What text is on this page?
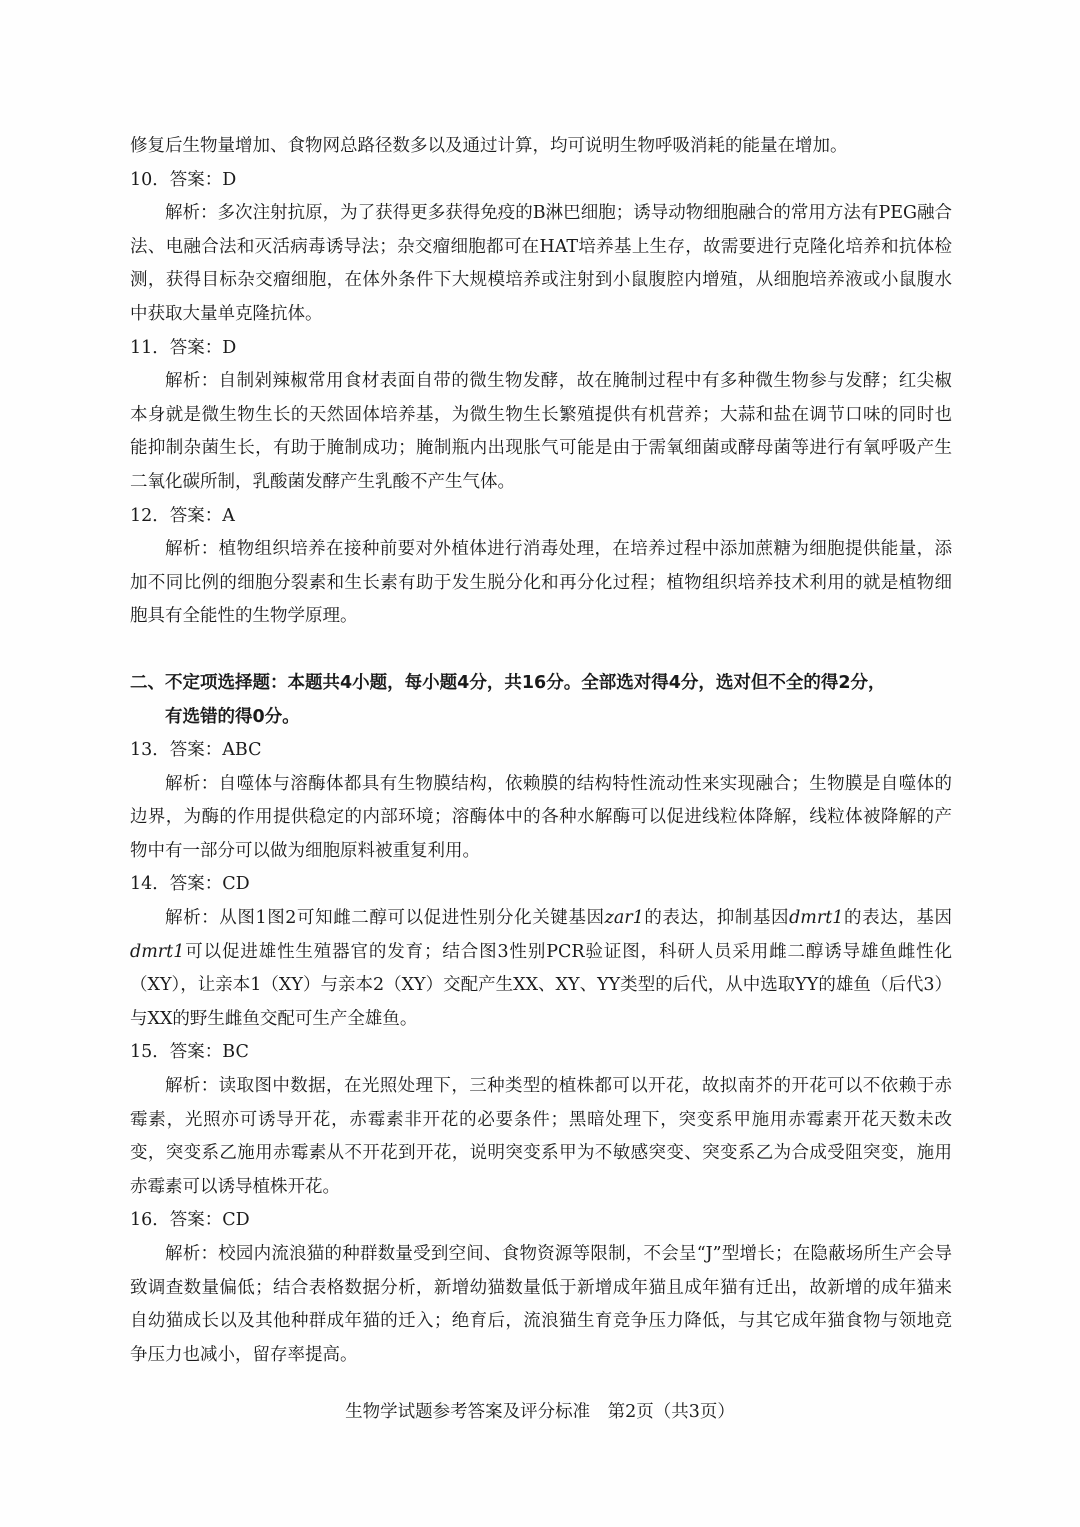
修复后生物量增加、食物网总路径数多以及通过计算，均可说明生物呼吸消耗的能量在增加。

10．答案：D

解析：多次注射抗原，为了获得更多获得免疫的B淋巴细胞；诱导动物细胞融合的常用方法有PEG融合法、电融合法和灭活病毒诱导法；杂交瘤细胞都可在HAT培养基上生存，故需要进行克隆化培养和抗体检测，获得目标杂交瘤细胞，在体外条件下大规模培养或注射到小鼠腹腔内增殖，从细胞培养液或小鼠腹水中获取大量单克隆抗体。

11．答案：D

解析：自制剁辣椒常用食材表面自带的微生物发酵，故在腌制过程中有多种微生物参与发酵；红尖椒本身就是微生物生长的天然固体培养基，为微生物生长繁殖提供有机营养；大蒜和盐在调节口味的同时也能抑制杂菌生长，有助于腌制成功；腌制瓶内出现胀气可能是由于需氧细菌或酵母菌等进行有氧呼吸产生二氧化碳所制，乳酸菌发酵产生乳酸不产生气体。

12．答案：A

解析：植物组织培养在接种前要对外植体进行消毒处理，在培养过程中添加蔗糖为细胞提供能量，添加不同比例的细胞分裂素和生长素有助于发生脱分化和再分化过程；植物组织培养技术利用的就是植物细胞具有全能性的生物学原理。

二、不定项选择题：本题共4小题，每小题4分，共16分。全部选对得4分，选对但不全的得2分，
有选错的得0分。

13．答案：ABC

解析：自噬体与溶酶体都具有生物膜结构，依赖膜的结构特性流动性来实现融合；生物膜是自噬体的边界，为酶的作用提供稳定的内部环境；溶酶体中的各种水解酶可以促进线粒体降解，线粒体被降解的产物中有一部分可以做为细胞原料被重复利用。

14．答案：CD

解析：从图1图2可知雌二醇可以促进性别分化关键基因zar1的表达，抑制基因dmrt1的表达，基因dmrt1可以促进雄性生殖器官的发育；结合图3性别PCR验证图，科研人员采用雌二醇诱导雄鱼雌性化（XY），让亲本1（XY）与亲本2（XY）交配产生XX、XY、YY类型的后代，从中选取YY的雄鱼（后代3）与XX的野生雌鱼交配可生产全雄鱼。

15．答案：BC

解析：读取图中数据，在光照处理下，三种类型的植株都可以开花，故拟南芥的开花可以不依赖于赤霉素，光照亦可诱导开花，赤霉素非开花的必要条件；黑暗处理下，突变系甲施用赤霉素开花天数未改变，突变系乙施用赤霉素从不开花到开花，说明突变系甲为不敏感突变、突变系乙为合成受阻突变，施用赤霉素可以诱导植株开花。

16．答案：CD

解析：校园内流浪猫的种群数量受到空间、食物资源等限制，不会呈“J”型增长；在隐蔽场所生产会导致调查数量偏低；结合表格数据分析，新增幼猫数量低于新增成年猫且成年猫有迁出，故新增的成年猫来自幼猫成长以及其他种群成年猫的迁入；绝育后，流浪猫生育竞争压力降低，与其它成年猫食物与领地竞争压力也减小，留存率提高。

生物学试题参考答案及评分标准　第2页（共3页）
